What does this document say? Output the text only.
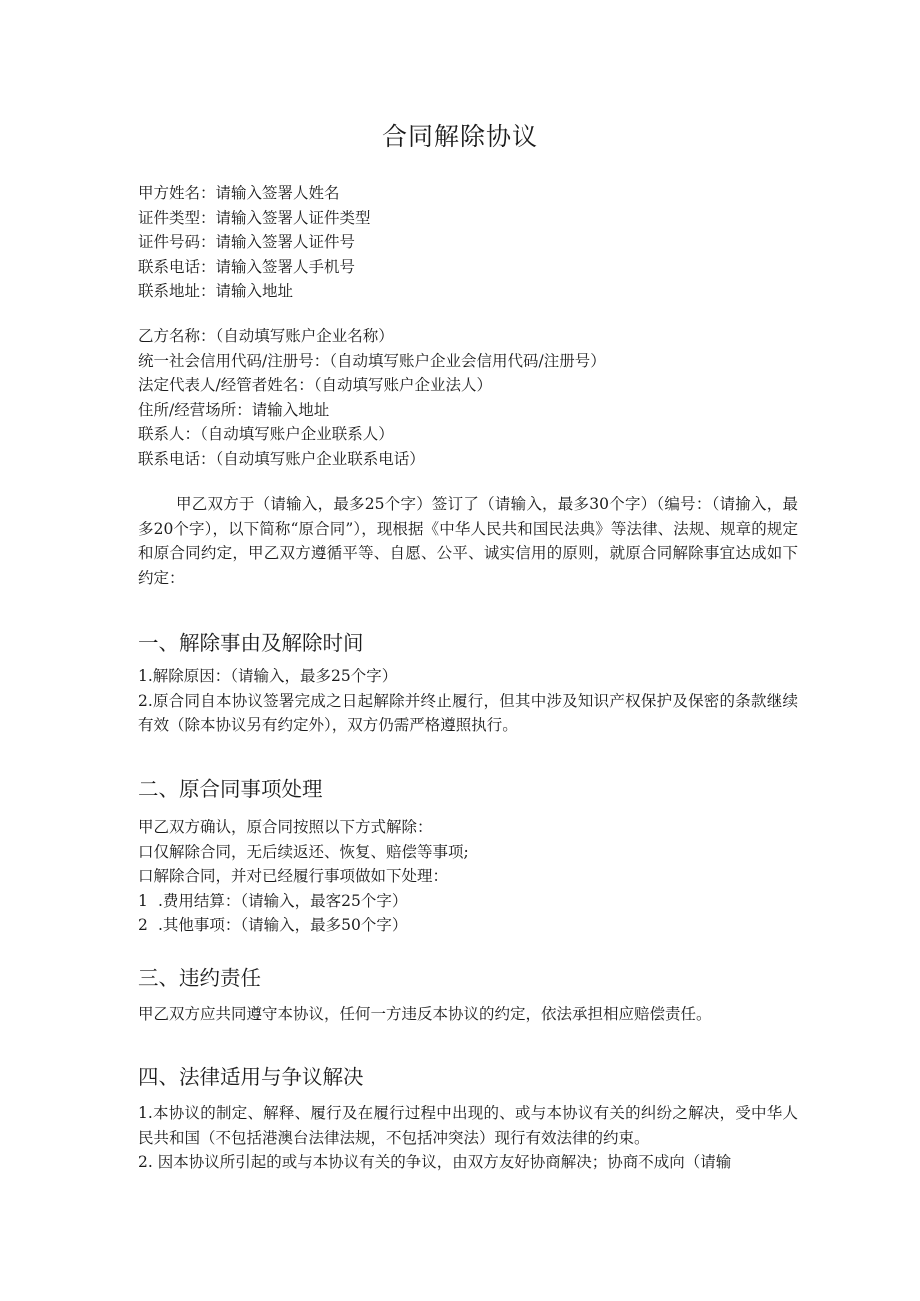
合同解除协议
甲方姓名：请输入签署人姓名
证件类型：请输入签署人证件类型
证件号码：请输入签署人证件号
联系电话：请输入签署人手机号
联系地址：请输入地址
乙方名称：（自动填写账户企业名称）
统一社会信用代码/注册号：（自动填写账户企业会信用代码/注册号）
法定代表人/经管者姓名：（自动填写账户企业法人）
住所/经营场所：请输入地址
联系人：（自动填写账户企业联系人）
联系电话：（自动填写账户企业联系电话）
甲乙双方于（请输入，最多25个字）签订了（请输入，最多30个字）（编号：（请揄入，最多20个字），以下简称“原合同”），现根据《中华人民共和国民法典》等法律、法规、规章的规定和原合同约定，甲乙双方遵循平等、自愿、公平、诚实信用的原则，就原合同解除事宜达成如下约定：
一、解除事由及解除时间
1.解除原因：（请输入，最多25个字）
2.原合同自本协议签署完成之日起解除并终止履行，但其中涉及知识产权保护及保密的条款继续有效（除本协议另有约定外），双方仍需严格遵照执行。
二、原合同事项处理
甲乙双方确认，原合同按照以下方式解除：
口仅解除合同，无后续返还、恢复、赔偿等事项;
口解除合同，并对已经履行事项做如下处理：
1 .费用结算：（请输入，最客25个字）
2 .其他事项：（请输入，最多50个字）
三、违约责任
甲乙双方应共同遵守本协议，任何一方违反本协议的约定，依法承担相应赔偿责任。
四、法律适用与争议解决
1.本协议的制定、解释、履行及在履行过程中出现的、或与本协议有关的纠纷之解决，受中华人民共和国（不包括港澳台法律法规，不包括冲突法）现行有效法律的约束。
2. 因本协议所引起的或与本协议有关的争议，由双方友好协商解决；协商不成向（请输
